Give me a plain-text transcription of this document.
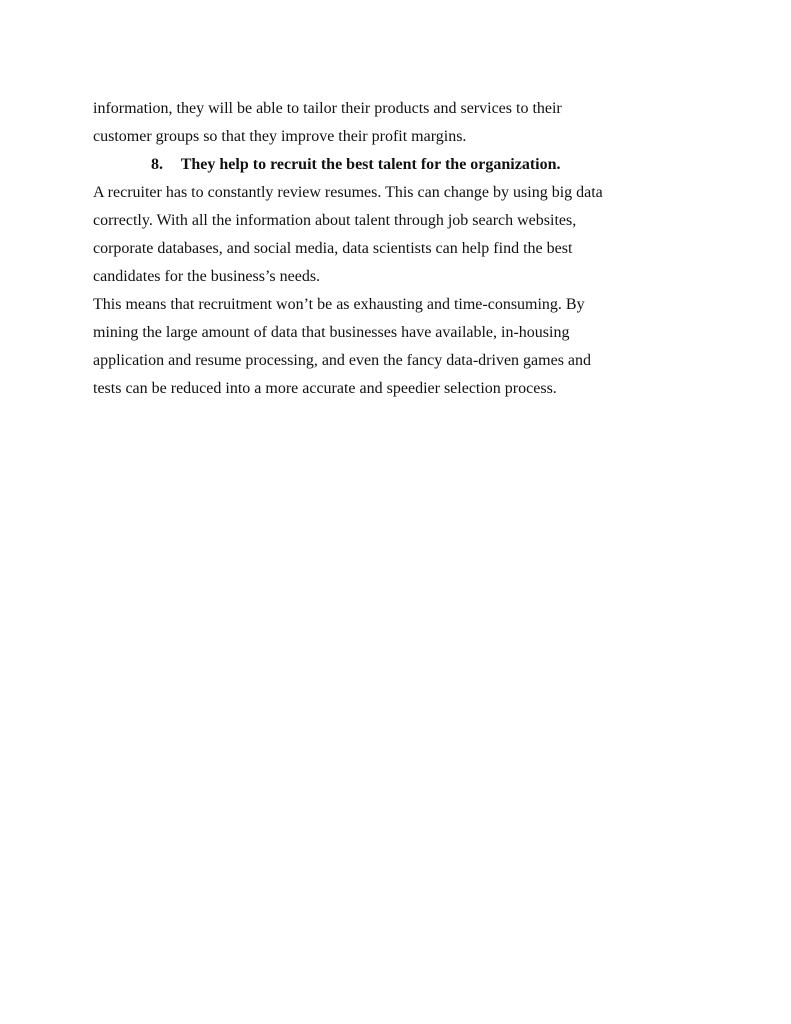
information, they will be able to tailor their products and services to their
customer groups so that they improve their profit margins.
8. They help to recruit the best talent for the organization.
A recruiter has to constantly review resumes. This can change by using big data
correctly. With all the information about talent through job search websites,
corporate databases, and social media, data scientists can help find the best
candidates for the business’s needs.
This means that recruitment won’t be as exhausting and time-consuming. By
mining the large amount of data that businesses have available, in-housing
application and resume processing, and even the fancy data-driven games and
tests can be reduced into a more accurate and speedier selection process.
